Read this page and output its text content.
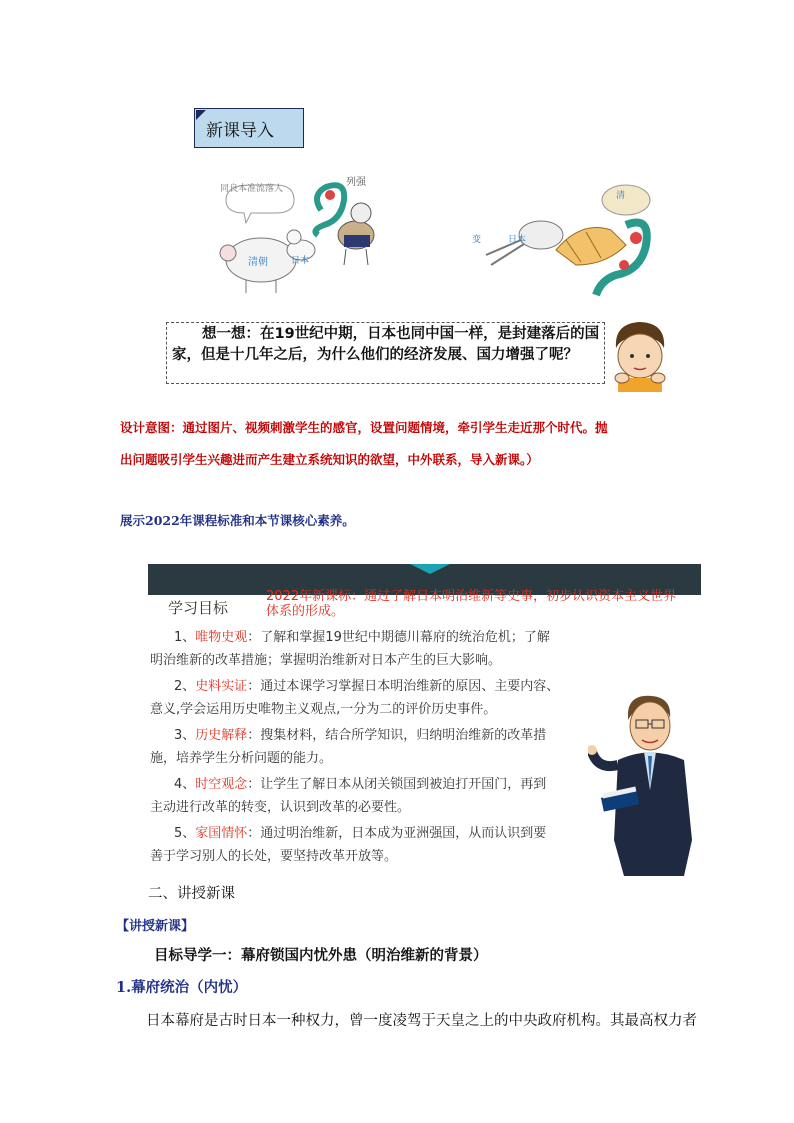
新课导入
同良本准流落人
清朝	日本
列强
清
日本
变
想一想：在19世纪中期，日本也同中国一样，是封建落后的国家，但是十几年之后，为什么他们的经济发展、国力增强了呢？
设计意图：通过图片、视频刺激学生的感官，设置问题情境，牵引学生走近那个时代。抛
出问题吸引学生兴趣进而产生建立系统知识的欲望，中外联系，导入新课。）
展示2022年课程标准和本节课核心素养。
学习目标
2022年新课标：通过了解日本明治维新等史事，初步认识资本主义世界体系的形成。
1、唯物史观：了解和掌握19世纪中期德川幕府的统治危机；了解
明治维新的改革措施；掌握明治维新对日本产生的巨大影响。
2、史料实证：通过本课学习掌握日本明治维新的原因、主要内容、
意义,学会运用历史唯物主义观点,一分为二的评价历史事件。
3、历史解释：搜集材料，结合所学知识，归纳明治维新的改革措
施，培养学生分析问题的能力。
4、时空观念：让学生了解日本从闭关锁国到被迫打开国门，再到
主动进行改革的转变，认识到改革的必要性。
5、家国情怀：通过明治维新，日本成为亚洲强国，从而认识到要
善于学习别人的长处，要坚持改革开放等。
二、讲授新课
【讲授新课】
目标导学一：幕府锁国内忧外患（明治维新的背景）
1.幕府统治（内忧）
日本幕府是古时日本一种权力，曾一度凌驾于天皇之上的中央政府机构。其最高权力者
